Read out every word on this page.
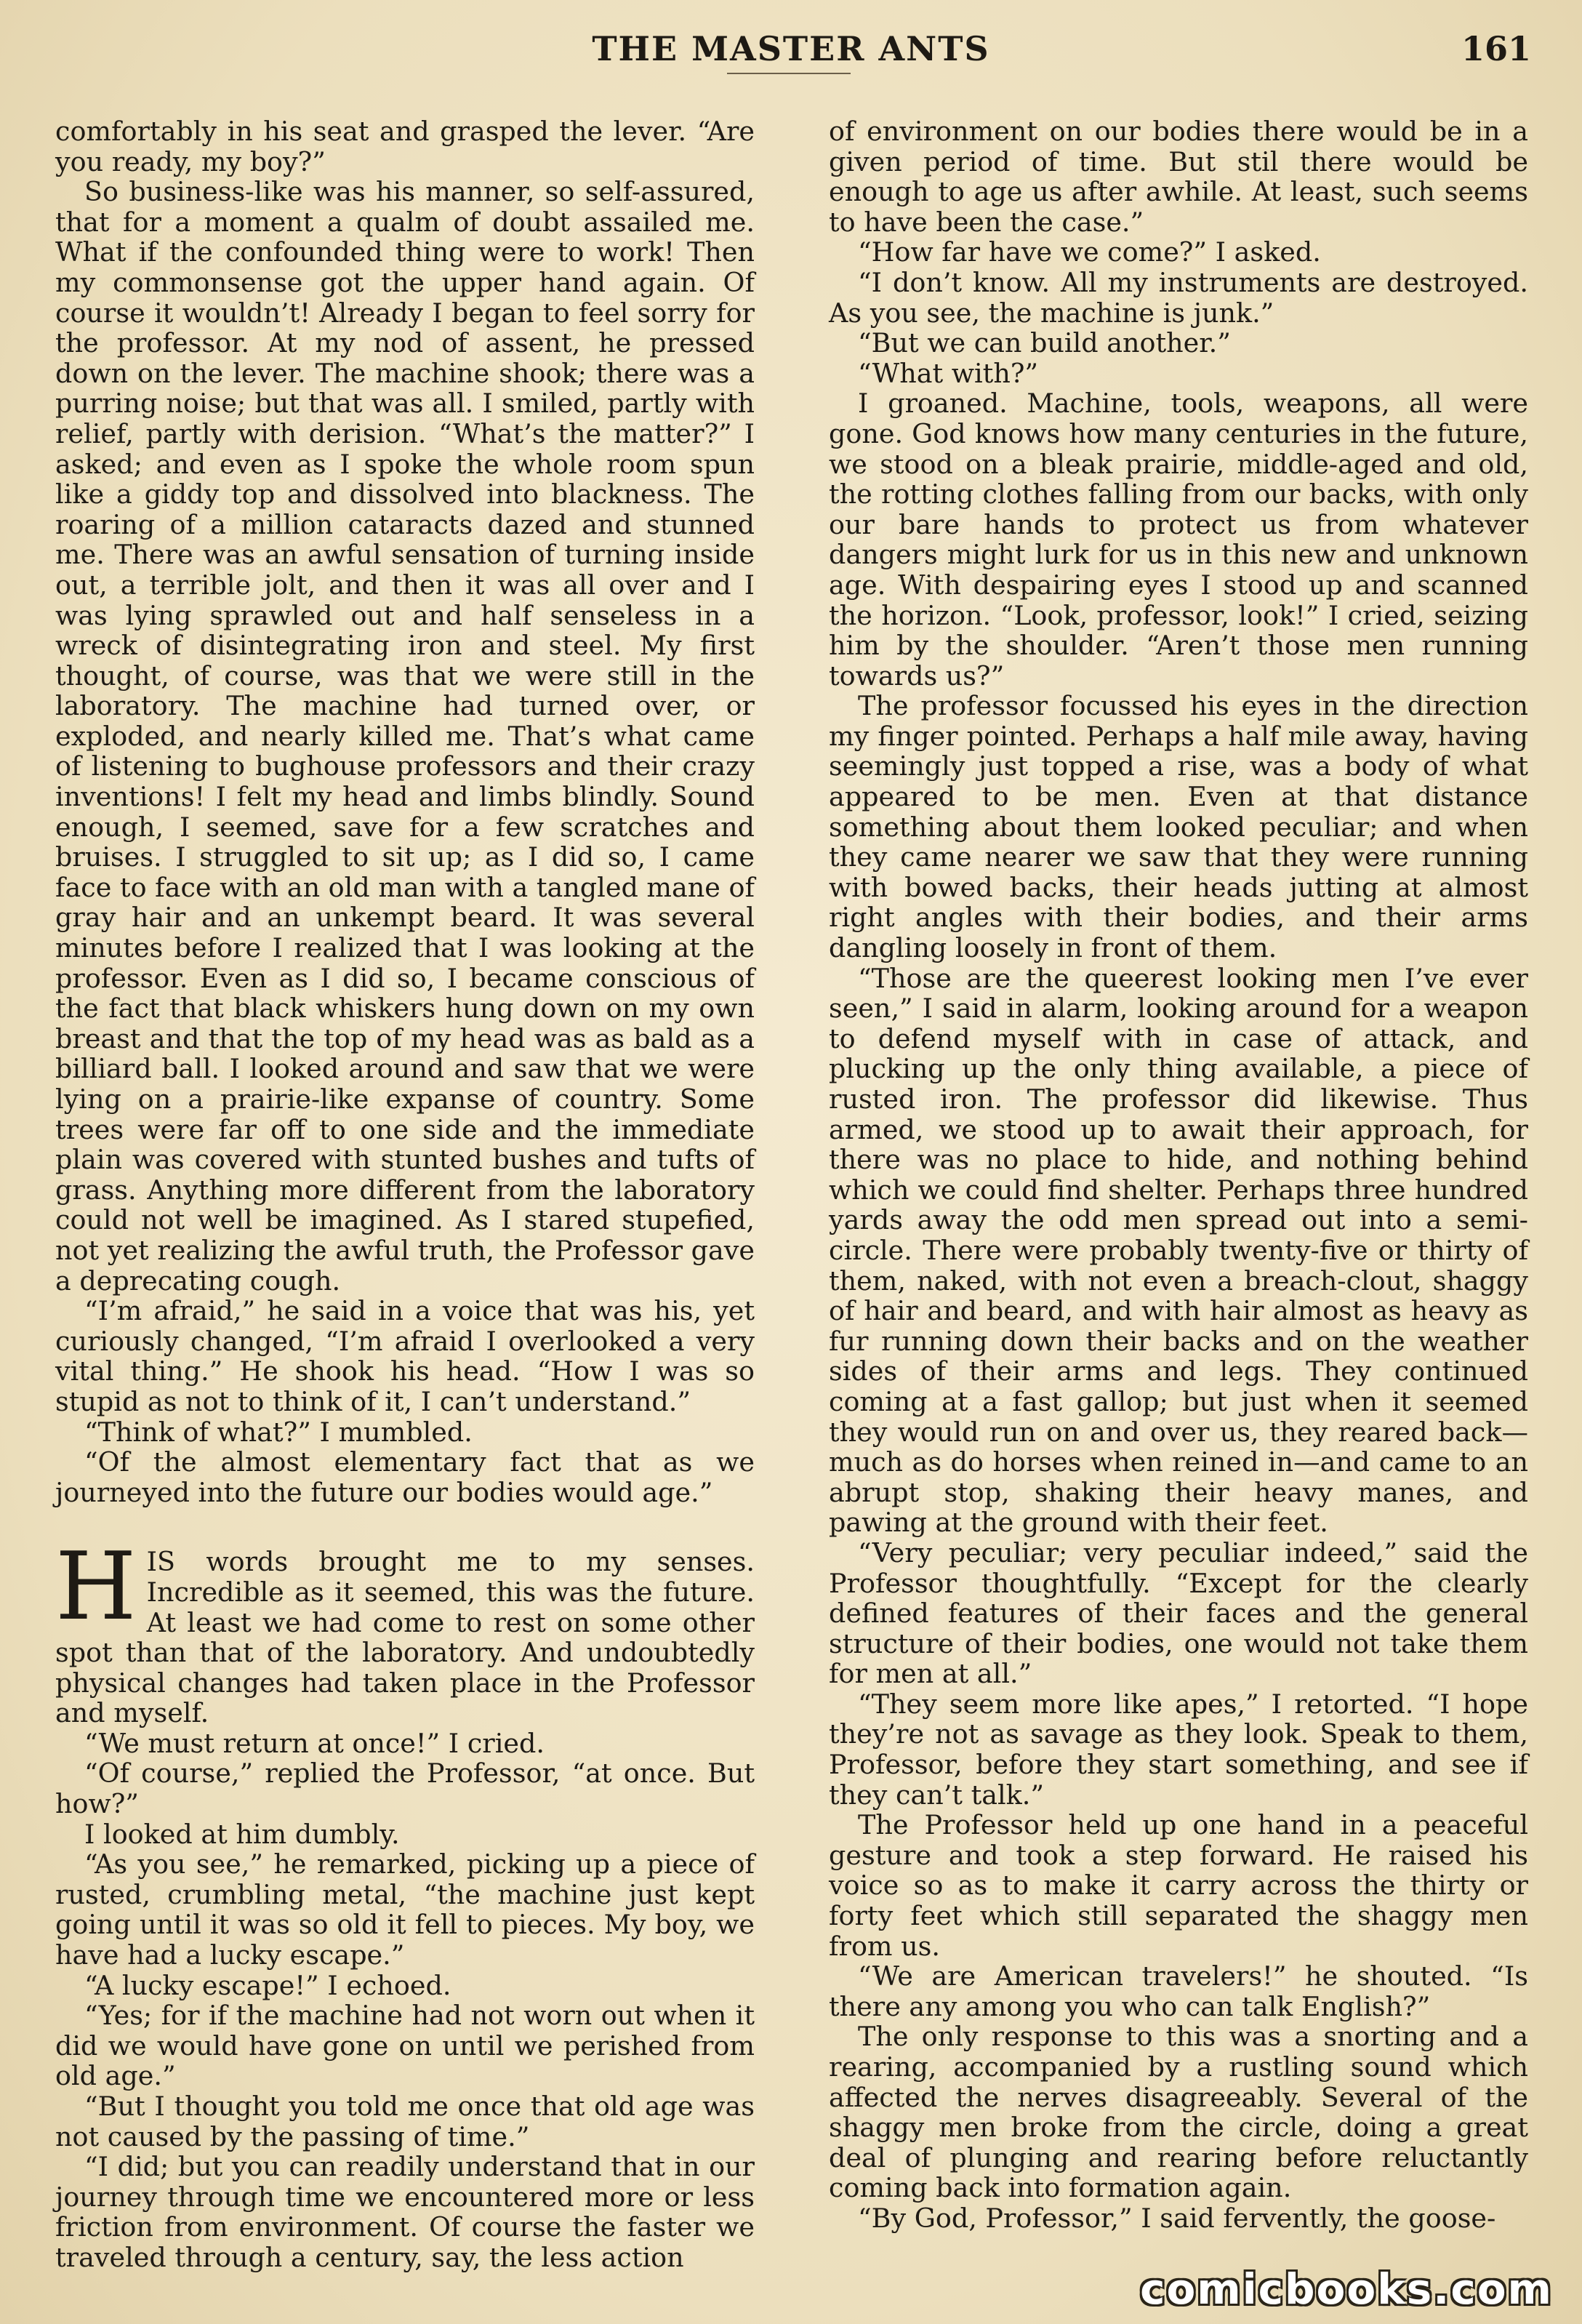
THE MASTER ANTS	161

comfortably in his seat and grasped the lever. “Are you ready, my boy?”

So business-like was his manner, so self-assured, that for a moment a qualm of doubt assailed me. What if the confounded thing were to work! Then my commonsense got the upper hand again. Of course it wouldn’t! Already I began to feel sorry for the professor. At my nod of assent, he pressed down on the lever. The machine shook; there was a purring noise; but that was all. I smiled, partly with relief, partly with derision. “What’s the matter?” I asked; and even as I spoke the whole room spun like a giddy top and dissolved into blackness. The roaring of a million cataracts dazed and stunned me. There was an awful sensation of turning inside out, a terrible jolt, and then it was all over and I was lying sprawled out and half senseless in a wreck of disintegrating iron and steel. My first thought, of course, was that we were still in the laboratory. The machine had turned over, or exploded, and nearly killed me. That’s what came of listening to bughouse professors and their crazy inventions! I felt my head and limbs blindly. Sound enough, I seemed, save for a few scratches and bruises. I struggled to sit up; as I did so, I came face to face with an old man with a tangled mane of gray hair and an unkempt beard. It was several minutes before I realized that I was looking at the professor. Even as I did so, I became conscious of the fact that black whiskers hung down on my own breast and that the top of my head was as bald as a billiard ball. I looked around and saw that we were lying on a prairie-like expanse of country. Some trees were far off to one side and the immediate plain was covered with stunted bushes and tufts of grass. Anything more different from the laboratory could not well be imagined. As I stared stupefied, not yet realizing the awful truth, the Professor gave a deprecating cough.

“I’m afraid,” he said in a voice that was his, yet curiously changed, “I’m afraid I overlooked a very vital thing.” He shook his head. “How I was so stupid as not to think of it, I can’t understand.”

“Think of what?” I mumbled.

“Of the almost elementary fact that as we journeyed into the future our bodies would age.”

HIS words brought me to my senses. Incredible as it seemed, this was the future. At least we had come to rest on some other spot than that of the laboratory. And undoubtedly physical changes had taken place in the Professor and myself.

“We must return at once!” I cried.

“Of course,” replied the Professor, “at once. But how?”

I looked at him dumbly.

“As you see,” he remarked, picking up a piece of rusted, crumbling metal, “the machine just kept going until it was so old it fell to pieces. My boy, we have had a lucky escape.”

“A lucky escape!” I echoed.

“Yes; for if the machine had not worn out when it did we would have gone on until we perished from old age.”

“But I thought you told me once that old age was not caused by the passing of time.”

“I did; but you can readily understand that in our journey through time we encountered more or less friction from environment. Of course the faster we traveled through a century, say, the less action

of environment on our bodies there would be in a given period of time. But stil there would be enough to age us after awhile. At least, such seems to have been the case.”

“How far have we come?” I asked.

“I don’t know. All my instruments are destroyed. As you see, the machine is junk.”

“But we can build another.”

“What with?”

I groaned. Machine, tools, weapons, all were gone. God knows how many centuries in the future, we stood on a bleak prairie, middle-aged and old, the rotting clothes falling from our backs, with only our bare hands to protect us from whatever dangers might lurk for us in this new and unknown age. With despairing eyes I stood up and scanned the horizon. “Look, professor, look!” I cried, seizing him by the shoulder. “Aren’t those men running towards us?”

The professor focussed his eyes in the direction my finger pointed. Perhaps a half mile away, having seemingly just topped a rise, was a body of what appeared to be men. Even at that distance something about them looked peculiar; and when they came nearer we saw that they were running with bowed backs, their heads jutting at almost right angles with their bodies, and their arms dangling loosely in front of them.

“Those are the queerest looking men I’ve ever seen,” I said in alarm, looking around for a weapon to defend myself with in case of attack, and plucking up the only thing available, a piece of rusted iron. The professor did likewise. Thus armed, we stood up to await their approach, for there was no place to hide, and nothing behind which we could find shelter. Perhaps three hundred yards away the odd men spread out into a semi-circle. There were probably twenty-five or thirty of them, naked, with not even a breach-clout, shaggy of hair and beard, and with hair almost as heavy as fur running down their backs and on the weather sides of their arms and legs. They continued coming at a fast gallop; but just when it seemed they would run on and over us, they reared back—much as do horses when reined in—and came to an abrupt stop, shaking their heavy manes, and pawing at the ground with their feet.

“Very peculiar; very peculiar indeed,” said the Professor thoughtfully. “Except for the clearly defined features of their faces and the general structure of their bodies, one would not take them for men at all.”

“They seem more like apes,” I retorted. “I hope they’re not as savage as they look. Speak to them, Professor, before they start something, and see if they can’t talk.”

The Professor held up one hand in a peaceful gesture and took a step forward. He raised his voice so as to make it carry across the thirty or forty feet which still separated the shaggy men from us.

“We are American travelers!” he shouted. “Is there any among you who can talk English?”

The only response to this was a snorting and a rearing, accompanied by a rustling sound which affected the nerves disagreeably. Several of the shaggy men broke from the circle, doing a great deal of plunging and rearing before reluctantly coming back into formation again.

“By God, Professor,” I said fervently, the goose-

comicbooks.com
